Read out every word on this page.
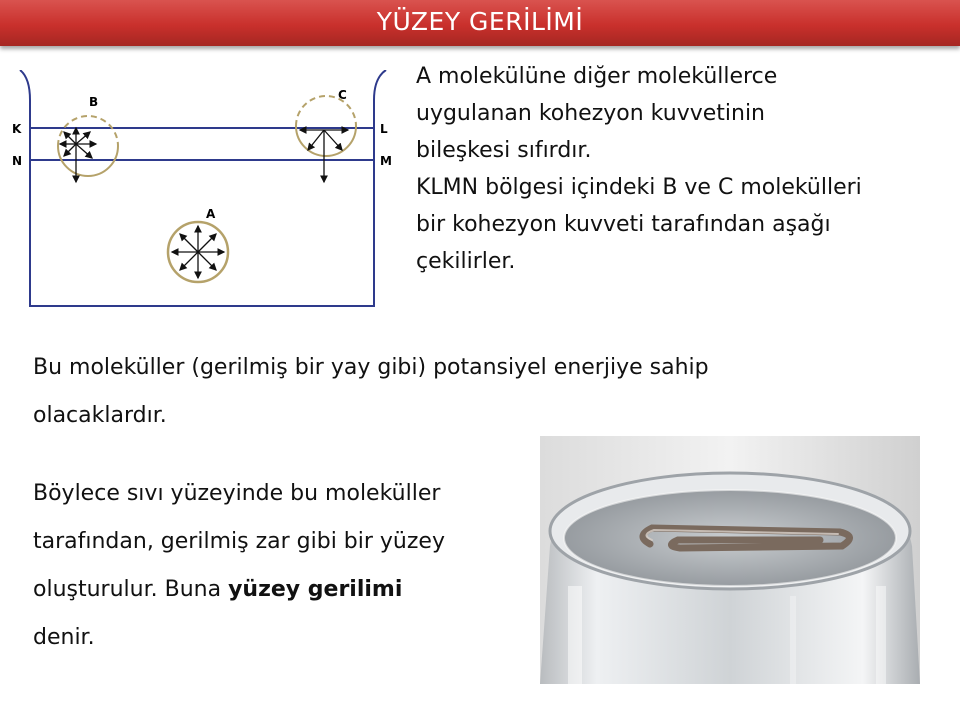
YÜZEY GERİLİMİ
K
N
L
M
B	C
A

A molekülüne diğer moleküllerce

uygulanan kohezyon kuvvetinin

bileşkesi sıfırdır.

KLMN bölgesi içindeki B ve C molekülleri

bir kohezyon kuvveti tarafından aşağı

çekilirler.

Bu moleküller (gerilmiş bir yay gibi) potansiyel enerjiye sahip

olacaklardır.

Böylece sıvı yüzeyinde bu moleküller

tarafından, gerilmiş zar gibi bir yüzey

oluşturulur. Buna yüzey gerilimi

denir.
